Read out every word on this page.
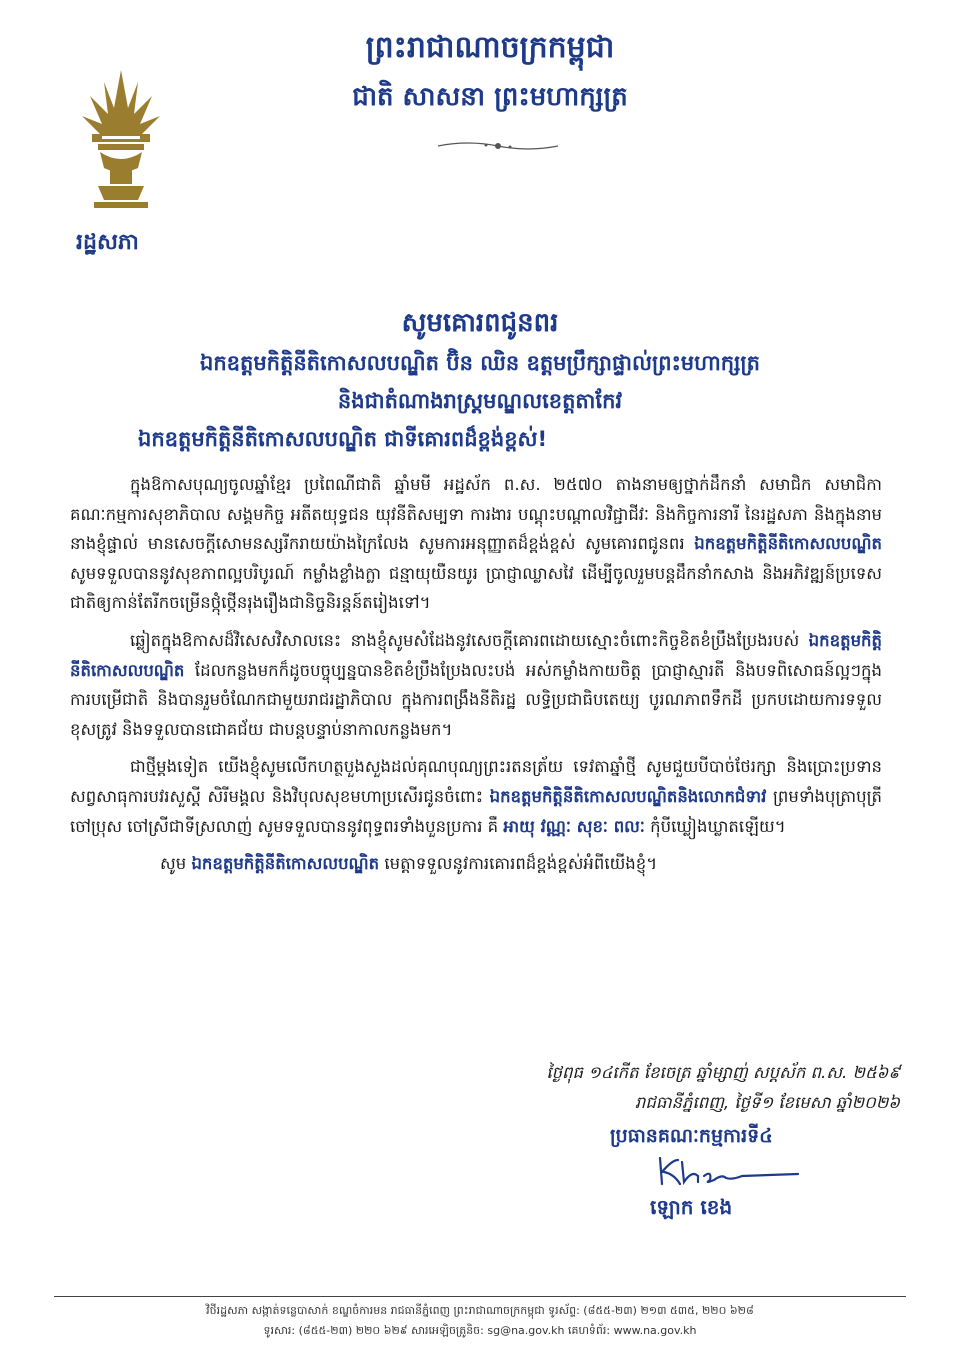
រដ្ឋសភា
ព្រះរាជាណាចក្រកម្ពុជា
ជាតិ សាសនា ព្រះមហាក្សត្រ
សូមគោរពជូនពរ
ឯកឧត្តមកិត្តិនីតិកោសលបណ្ឌិត ប៊ិន ឈិន ឧត្តមប្រឹក្សាផ្ទាល់ព្រះមហាក្សត្រ
និងជាតំណាងរាស្ត្រមណ្ឌលខេត្តតាកែវ
ឯកឧត្តមកិត្តិនីតិកោសលបណ្ឌិត ជាទីគោរពដ៏ខ្ពង់ខ្ពស់!

ក្នុងឱកាសបុណ្យចូលឆ្នាំខ្មែរ ប្រពៃណីជាតិ ឆ្នាំមមី អដ្ឋស័ក ព.ស. ២៥៧០ តាងនាមឲ្យថ្នាក់ដឹកនាំ សមាជិក សមាជិកា គណៈកម្មការសុខាភិបាល សង្គមកិច្ច អតីតយុទ្ធជន យុវនីតិសម្បទា ការងារ បណ្តុះបណ្តាលវិជ្ជាជីវៈ និងកិច្ចការនារី នៃរដ្ឋសភា និងក្នុងនាមនាងខ្ញុំផ្ទាល់ មានសេចក្តីសោមនស្សរីករាយយ៉ាងក្រៃលែង សូមការអនុញ្ញាតដ៏ខ្ពង់ខ្ពស់ សូមគោរពជូនពរ ឯកឧត្តមកិត្តិនីតិកោសលបណ្ឌិត សូមទទួលបាននូវសុខភាពល្អបរិបូរណ៍ កម្លាំងខ្លាំងក្លា ជន្មាយុយឺនយូរ ប្រាជ្ញាឈ្លាសវៃ ដើម្បីចូលរួមបន្តដឹកនាំកសាង និងអភិវឌ្ឍន៍ប្រទេស ជាតិឲ្យកាន់តែរីកចម្រើនថ្កុំថ្កើនរុងរឿងជានិច្ចនិរន្តន៍តរៀងទៅ។

ឆ្លៀតក្នុងឱកាសដ៏វិសេសវិសាលនេះ នាងខ្ញុំសូមសំដែងនូវសេចក្តីគោរពដោយស្មោះចំពោះកិច្ចខិតខំប្រឹងប្រែងរបស់ ឯកឧត្តមកិត្តិនីតិកោសលបណ្ឌិត ដែលកន្លងមកក៏ដូចបច្ចុប្បន្នបានខិតខំប្រឹងប្រែងលះបង់ អស់កម្លាំងកាយចិត្ត ប្រាជ្ញាស្មារតី និងបទពិសោធន៍ល្អៗក្នុងការបម្រើជាតិ និងបានរួមចំណែកជាមួយរាជរដ្ឋាភិបាល ក្នុងការពង្រឹងនីតិរដ្ឋ លទ្ធិប្រជាធិបតេយ្យ បូរណភាពទឹកដី ប្រកបដោយការទទួលខុសត្រូវ និងទទួលបានជោគជ័យ ជាបន្តបន្ទាប់នាកាលកន្លងមក។

ជាថ្មីម្តងទៀត យើងខ្ញុំសូមលើកហត្ថបួងសួងដល់គុណបុណ្យព្រះរតនត្រ័យ ទេវតាឆ្នាំថ្មី សូមជួយបីបាច់ថែរក្សា និងប្រោះប្រទានសព្វសាធុការបវរសួស្តី សិរីមង្គល និងវិបុលសុខមហាប្រសើរជូនចំពោះ ឯកឧត្តមកិត្តិនីតិកោសលបណ្ឌិតនិងលោកជំទាវ ព្រមទាំងបុត្រាបុត្រី ចៅប្រុស ចៅស្រីជាទីស្រលាញ់ សូមទទួលបាននូវពុទ្ធពរទាំងបួនប្រការ គឺ អាយុ វណ្ណៈ សុខៈ ពលៈ កុំបីឃ្លៀងឃ្លាតឡើយ។

សូម ឯកឧត្តមកិត្តិនីតិកោសលបណ្ឌិត មេត្តាទទួលនូវការគោរពដ៏ខ្ពង់ខ្ពស់អំពីយើងខ្ញុំ។

ថ្ងៃពុធ ១៤កើត ខែចេត្រ ឆ្នាំម្សាញ់ សប្តស័ក ព.ស. ២៥៦៩
រាជធានីភ្នំពេញ, ថ្ងៃទី១ ខែមេសា ឆ្នាំ២០២៦
ប្រធានគណៈកម្មការទី៤
ឡោក ខេង
វិថីរដ្ឋសភា សង្កាត់ទន្លេបាសាក់ ខណ្ឌចំការមន រាជធានីភ្នំពេញ ព្រះរាជាណាចក្រកម្ពុជា ទូរស័ព្ទ: (៨៥៥-២៣) ២១៣ ៥៣៥, ២២០ ៦២៨
ទូរសារ: (៨៥៥-២៣) ២២០ ៦២៩ សារអេឡិចត្រូនិច: sg@na.gov.kh គេហទំព័រ: www.na.gov.kh
